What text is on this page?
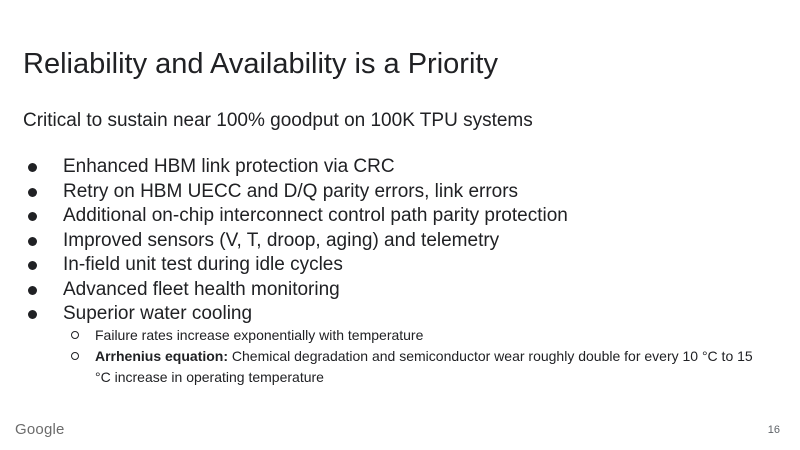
Reliability and Availability is a Priority
Critical to sustain near 100% goodput on 100K TPU systems
Enhanced HBM link protection via CRC
Retry on HBM UECC and D/Q parity errors, link errors
Additional on-chip interconnect control path parity protection
Improved sensors (V, T, droop, aging) and telemetry
In-field unit test during idle cycles
Advanced fleet health monitoring
Superior water cooling
Failure rates increase exponentially with temperature
Arrhenius equation: Chemical degradation and semiconductor wear roughly double for every 10 °C to 15 °C increase in operating temperature
Google	16
